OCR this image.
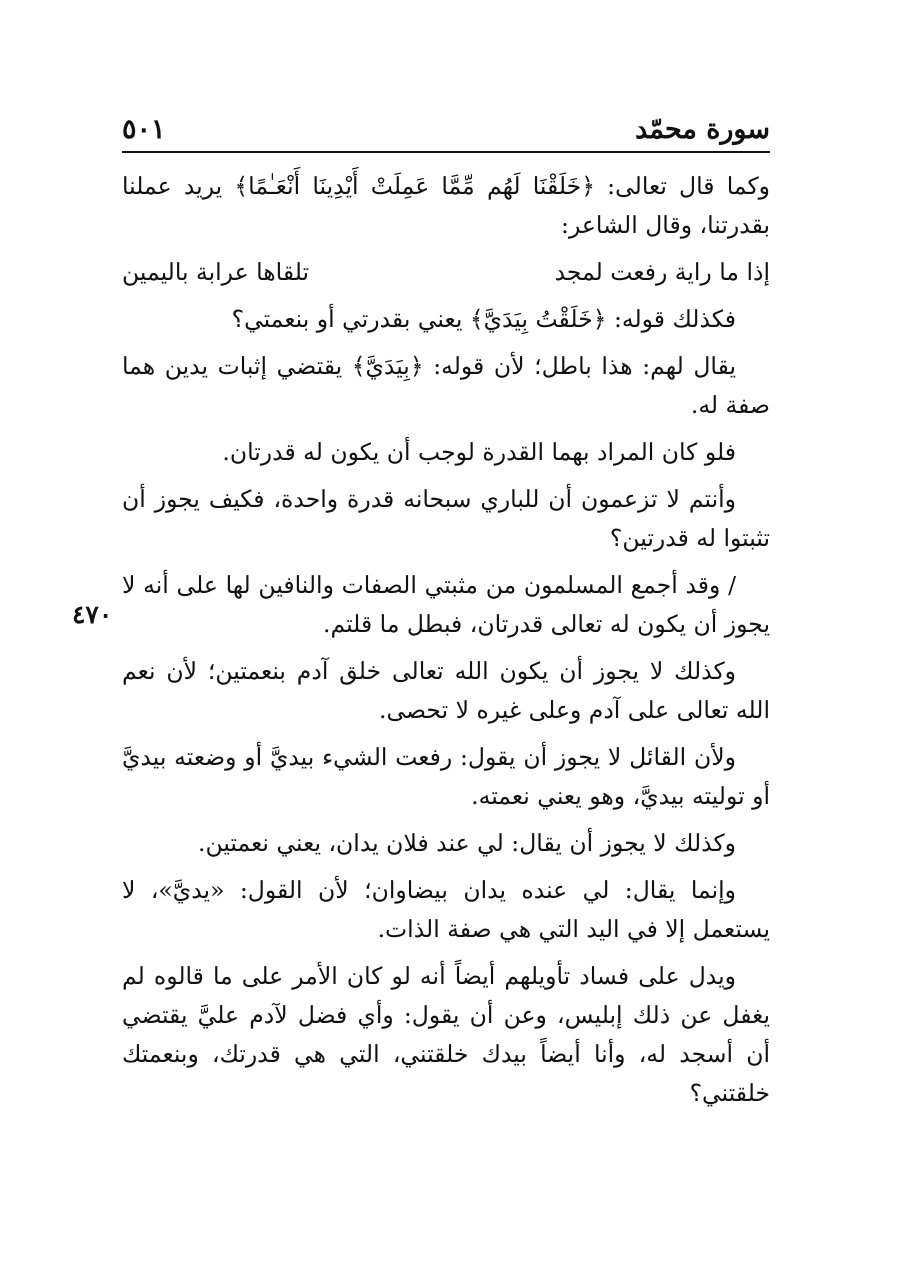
سورة محمّد
٥٠١
٤٧٠

وكما قال تعالى: ﴿خَلَقْنَا لَهُم مِّمَّا عَمِلَتْ أَيْدِينَا أَنْعَـٰمًا﴾ يريد عملنا بقدرتنا، وقال الشاعر:

إذا ما راية رفعت لمجد
تلقاها عرابة باليمين

فكذلك قوله: ﴿خَلَقْتُ بِيَدَيَّ﴾ يعني بقدرتي أو بنعمتي؟

يقال لهم: هذا باطل؛ لأن قوله: ﴿بِيَدَيَّ﴾ يقتضي إثبات يدين هما صفة له.

فلو كان المراد بهما القدرة لوجب أن يكون له قدرتان.

وأنتم لا تزعمون أن للباري سبحانه قدرة واحدة، فكيف يجوز أن تثبتوا له قدرتين؟

/ وقد أجمع المسلمون من مثبتي الصفات والنافين لها على أنه لا يجوز أن يكون له تعالى قدرتان، فبطل ما قلتم.

وكذلك لا يجوز أن يكون الله تعالى خلق آدم بنعمتين؛ لأن نعم الله تعالى على آدم وعلى غيره لا تحصى.

ولأن القائل لا يجوز أن يقول: رفعت الشيء بيديَّ أو وضعته بيديَّ أو توليته بيديَّ، وهو يعني نعمته.

وكذلك لا يجوز أن يقال: لي عند فلان يدان، يعني نعمتين.

وإنما يقال: لي عنده يدان بيضاوان؛ لأن القول: «يديَّ»، لا يستعمل إلا في اليد التي هي صفة الذات.

ويدل على فساد تأويلهم أيضاً أنه لو كان الأمر على ما قالوه لم يغفل عن ذلك إبليس، وعن أن يقول: وأي فضل لآدم عليَّ يقتضي أن أسجد له، وأنا أيضاً بيدك خلقتني، التي هي قدرتك، وبنعمتك خلقتني؟
